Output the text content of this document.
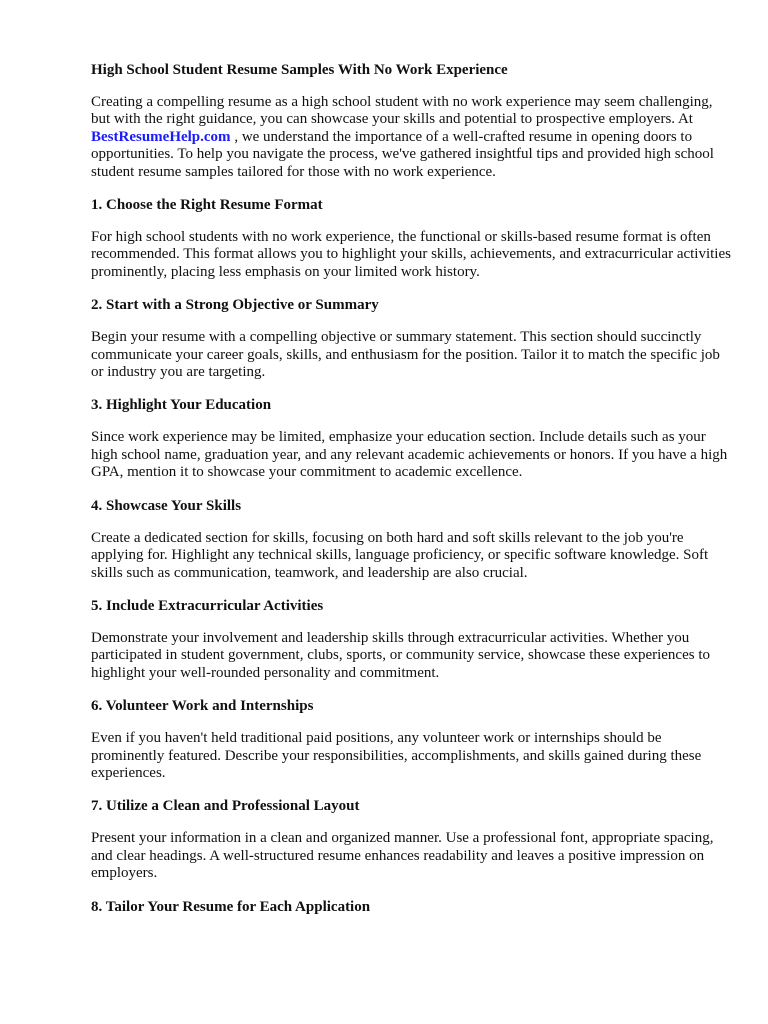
High School Student Resume Samples With No Work Experience

Creating a compelling resume as a high school student with no work experience may seem challenging, but with the right guidance, you can showcase your skills and potential to prospective employers. At BestResumeHelp.com , we understand the importance of a well-crafted resume in opening doors to opportunities. To help you navigate the process, we've gathered insightful tips and provided high school student resume samples tailored for those with no work experience.

1. Choose the Right Resume Format

For high school students with no work experience, the functional or skills-based resume format is often recommended. This format allows you to highlight your skills, achievements, and extracurricular activities prominently, placing less emphasis on your limited work history.

2. Start with a Strong Objective or Summary

Begin your resume with a compelling objective or summary statement. This section should succinctly communicate your career goals, skills, and enthusiasm for the position. Tailor it to match the specific job or industry you are targeting.

3. Highlight Your Education

Since work experience may be limited, emphasize your education section. Include details such as your high school name, graduation year, and any relevant academic achievements or honors. If you have a high GPA, mention it to showcase your commitment to academic excellence.

4. Showcase Your Skills

Create a dedicated section for skills, focusing on both hard and soft skills relevant to the job you're applying for. Highlight any technical skills, language proficiency, or specific software knowledge. Soft skills such as communication, teamwork, and leadership are also crucial.

5. Include Extracurricular Activities

Demonstrate your involvement and leadership skills through extracurricular activities. Whether you participated in student government, clubs, sports, or community service, showcase these experiences to highlight your well-rounded personality and commitment.

6. Volunteer Work and Internships

Even if you haven't held traditional paid positions, any volunteer work or internships should be prominently featured. Describe your responsibilities, accomplishments, and skills gained during these experiences.

7. Utilize a Clean and Professional Layout

Present your information in a clean and organized manner. Use a professional font, appropriate spacing, and clear headings. A well-structured resume enhances readability and leaves a positive impression on employers.

8. Tailor Your Resume for Each Application
